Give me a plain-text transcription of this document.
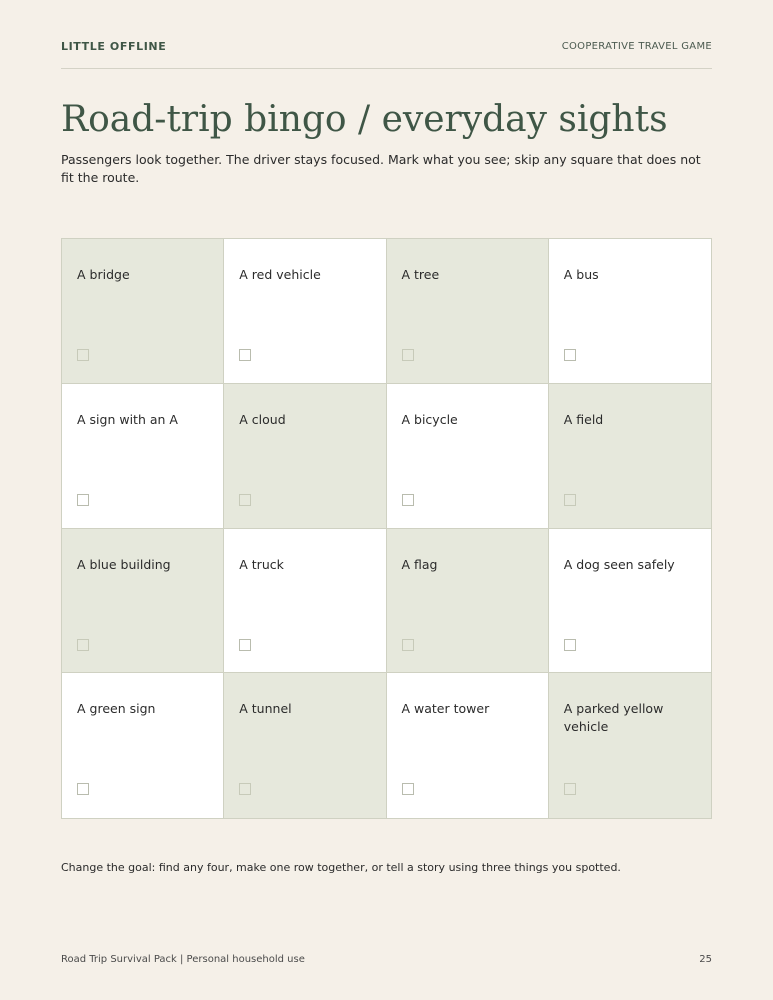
LITTLE OFFLINE	COOPERATIVE TRAVEL GAME
Road-trip bingo / everyday sights

Passengers look together. The driver stays focused. Mark what you see; skip any square that does not fit the route.

A bridge	A red vehicle	A tree	A bus
A sign with an A	A cloud	A bicycle	A field
A blue building	A truck	A flag	A dog seen safely
A green sign	A tunnel	A water tower	A parked yellow vehicle

Change the goal: find any four, make one row together, or tell a story using three things you spotted.

Road Trip Survival Pack | Personal household use	25
